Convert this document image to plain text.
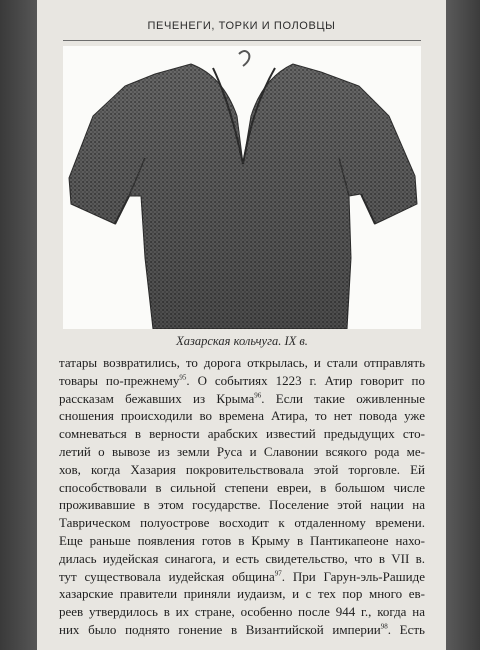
ПЕЧЕНЕГИ, ТОРКИ И ПОЛОВЦЫ
Хазарская кольчуга. IX в.
татары возвратились, то дорога открылась, и стали отправлять
товары по-прежнему$^{95}$. О событиях 1223 г. Атир говорит по
рассказам бежавших из Крыма$^{96}$. Если такие оживленные
сношения происходили во времена Атира, то нет повода уже
сомневаться в верности арабских известий предыдущих сто-
летий о вывозе из земли Руса и Славонии всякого рода ме-
хов, когда Хазария покровительствовала этой торговле. Ей
способствовали в сильной степени евреи, в большом числе
проживавшие в этом государстве. Поселение этой нации на
Таврическом полуострове восходит к отдаленному времени.
Еще раньше появления готов в Крыму в Пантикапеоне нахо-
дилась иудейская синагога, и есть свидетельство, что в VII в.
тут существовала иудейская община$^{97}$. При Гарун-эль-Рашиде
хазарские правители приняли иудаизм, и с тех пор много ев-
реев утвердилось в их стране, особенно после 944 г., когда на
них было поднято гонение в Византийской империи$^{98}$. Есть
